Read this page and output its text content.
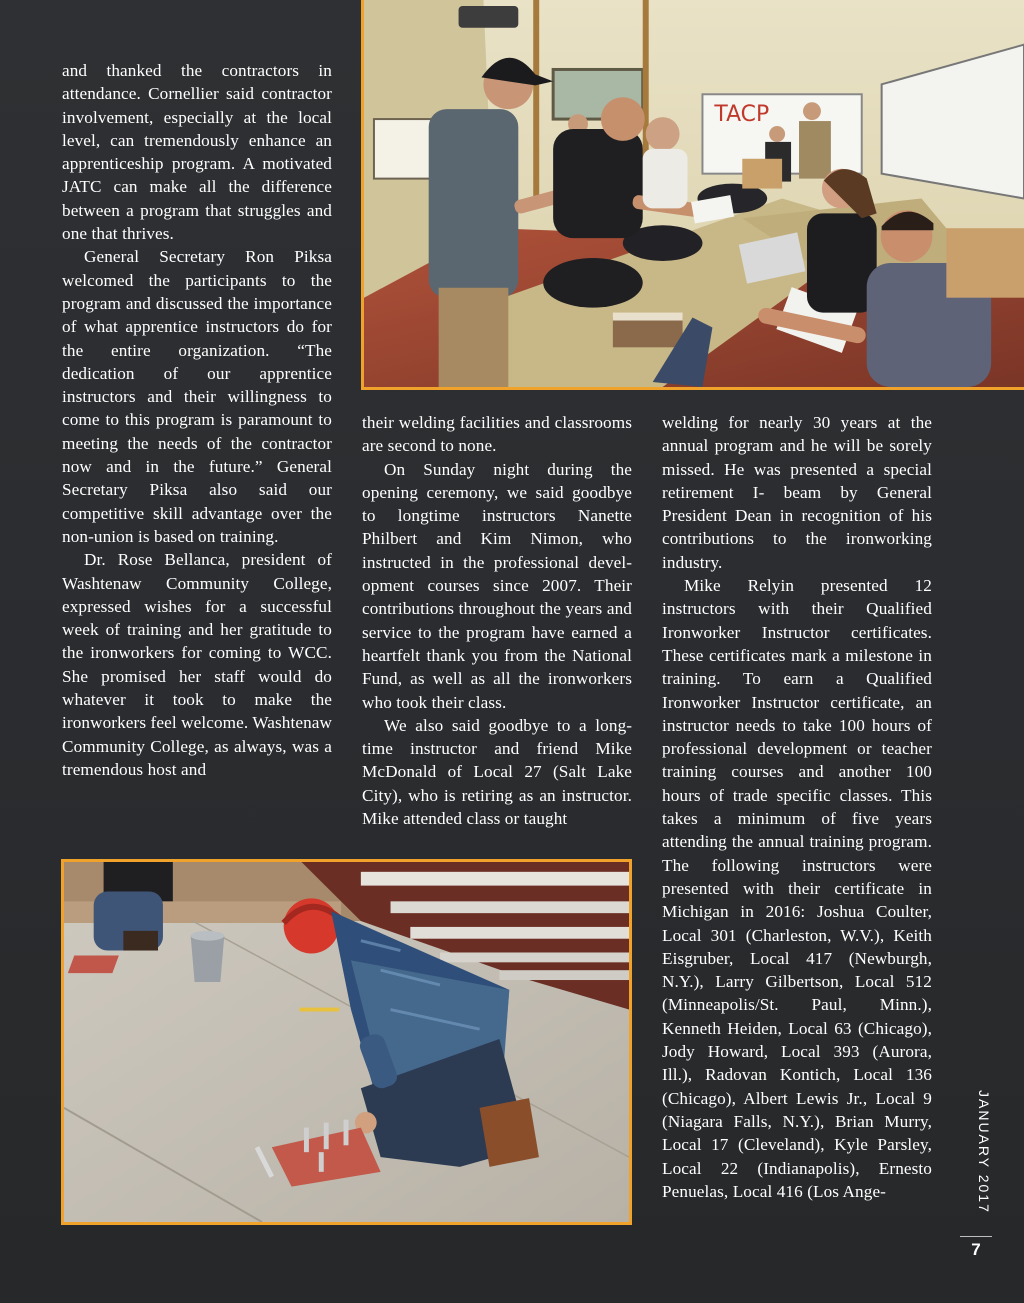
and thanked the contractors in attendance. Cornellier said contractor involvement, especially at the local level, can tremendously enhance an apprenticeship program. A motivated JATC can make all the difference between a program that struggles and one that thrives.

General Secretary Ron Piksa welcomed the participants to the program and discussed the importance of what apprentice instructors do for the entire organization. “The dedication of our apprentice instructors and their willingness to come to this program is paramount to meeting the needs of the contractor now and in the future.” General Secretary Piksa also said our competitive skill advantage over the non-union is based on training.

Dr. Rose Bellanca, president of Washtenaw Community College, expressed wishes for a successful week of training and her gratitude to the ironworkers for coming to WCC. She promised her staff would do whatever it took to make the ironworkers feel welcome. Washtenaw Community College, as always, was a tremendous host and

TACP

their welding facilities and classrooms are second to none.

On Sunday night during the opening ceremony, we said goodbye to longtime instructors Nanette Philbert and Kim Nimon, who instructed in the professional development courses since 2007. Their contributions throughout the years and service to the program have earned a heartfelt thank you from the National Fund, as well as all the ironworkers who took their class.

We also said goodbye to a longtime instructor and friend Mike McDonald of Local 27 (Salt Lake City), who is retiring as an instructor. Mike attended class or taught

welding for nearly 30 years at the annual program and he will be sorely missed. He was presented a special retirement I- beam by General President Dean in recognition of his contributions to the ironworking industry.

Mike Relyin presented 12 instructors with their Qualified Ironworker Instructor certificates. These certificates mark a milestone in training. To earn a Qualified Ironworker Instructor certificate, an instructor needs to take 100 hours of professional development or teacher training courses and another 100 hours of trade specific classes. This takes a minimum of five years attending the annual training program. The following instructors were presented with their certificate in Michigan in 2016: Joshua Coulter, Local 301 (Charleston, W.V.), Keith Eisgruber, Local 417 (Newburgh, N.Y.), Larry Gilbertson, Local 512 (Minneapolis/St. Paul, Minn.), Kenneth Heiden, Local 63 (Chicago), Jody Howard, Local 393 (Aurora, Ill.), Radovan Kontich, Local 136 (Chicago), Albert Lewis Jr., Local 9 (Niagara Falls, N.Y.), Brian Murry, Local 17 (Cleveland), Kyle Parsley, Local 22 (Indianapolis), Ernesto Penuelas, Local 416 (Los Ange-	JANUARY 2017
7
